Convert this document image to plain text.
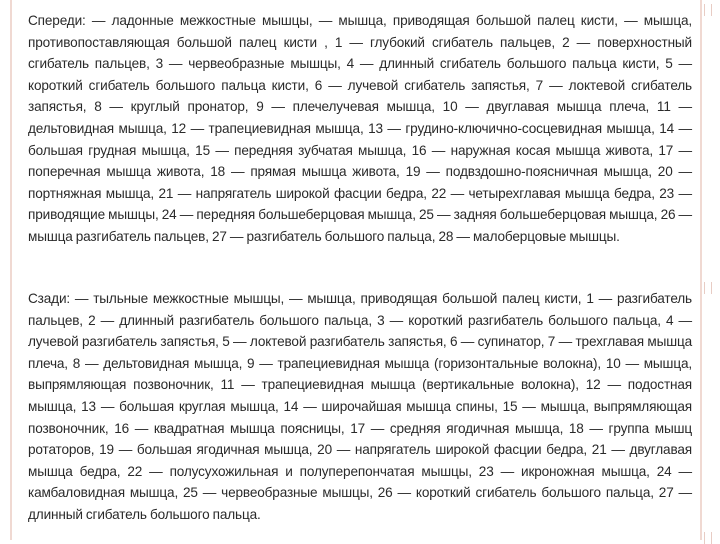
Спереди: — ладонные межкостные мышцы, — мышца, приводящая большой палец кисти, — мышца, противопоставляющая большой палец кисти , 1 — глубокий сгибатель пальцев, 2 — поверхностный сгибатель пальцев, 3 — червеобразные мышцы, 4 — длинный сгибатель большого пальца кисти, 5 — короткий сгибатель большого пальца кисти, 6 — лучевой сгибатель запястья, 7 — локтевой сгибатель запястья, 8 — круглый пронатор, 9 — плечелучевая мышца, 10 — двуглавая мышца плеча, 11 — дельтовидная мышца, 12 — трапециевидная мышца, 13 — грудино-ключично-сосцевидная мышца, 14 — большая грудная мышца, 15 — передняя зубчатая мышца, 16 — наружная косая мышца живота, 17 — поперечная мышца живота, 18 — прямая мышца живота, 19 — подвздошно-поясничная мышца, 20 — портняжная мышца, 21 — напрягатель широкой фасции бедра, 22 — четырехглавая мышца бедра, 23 — приводящие мышцы, 24 — передняя большеберцовая мышца, 25 — задняя большеберцовая мышца, 26 — мышца разгибатель пальцев, 27 — разгибатель большого пальца, 28 — малоберцовые мышцы.

Сзади: — тыльные межкостные мышцы, — мышца, приводящая большой палец кисти, 1 — разгибатель пальцев, 2 — длинный разгибатель большого пальца, 3 — короткий разгибатель большого пальца, 4 — лучевой разгибатель запястья, 5 — локтевой разгибатель запястья, 6 — супинатор, 7 — трехглавая мышца плеча, 8 — дельтовидная мышца, 9 — трапециевидная мышца (горизонтальные волокна), 10 — мышца, выпрямляющая позвоночник, 11 — трапециевидная мышца (вертикальные волокна), 12 — подостная мышца, 13 — большая круглая мышца, 14 — широчайшая мышца спины, 15 — мышца, выпрямляющая позвоночник, 16 — квадратная мышца поясницы, 17 — средняя ягодичная мышца, 18 — группа мышц ротаторов, 19 — большая ягодичная мышца, 20 — напрягатель широкой фасции бедра, 21 — двуглавая мышца бедра, 22 — полусухожильная и полуперепончатая мышцы, 23 — икроножная мышца, 24 — камбаловидная мышца, 25 — червеобразные мышцы, 26 — короткий сгибатель большого пальца, 27 — длинный сгибатель большого пальца.
